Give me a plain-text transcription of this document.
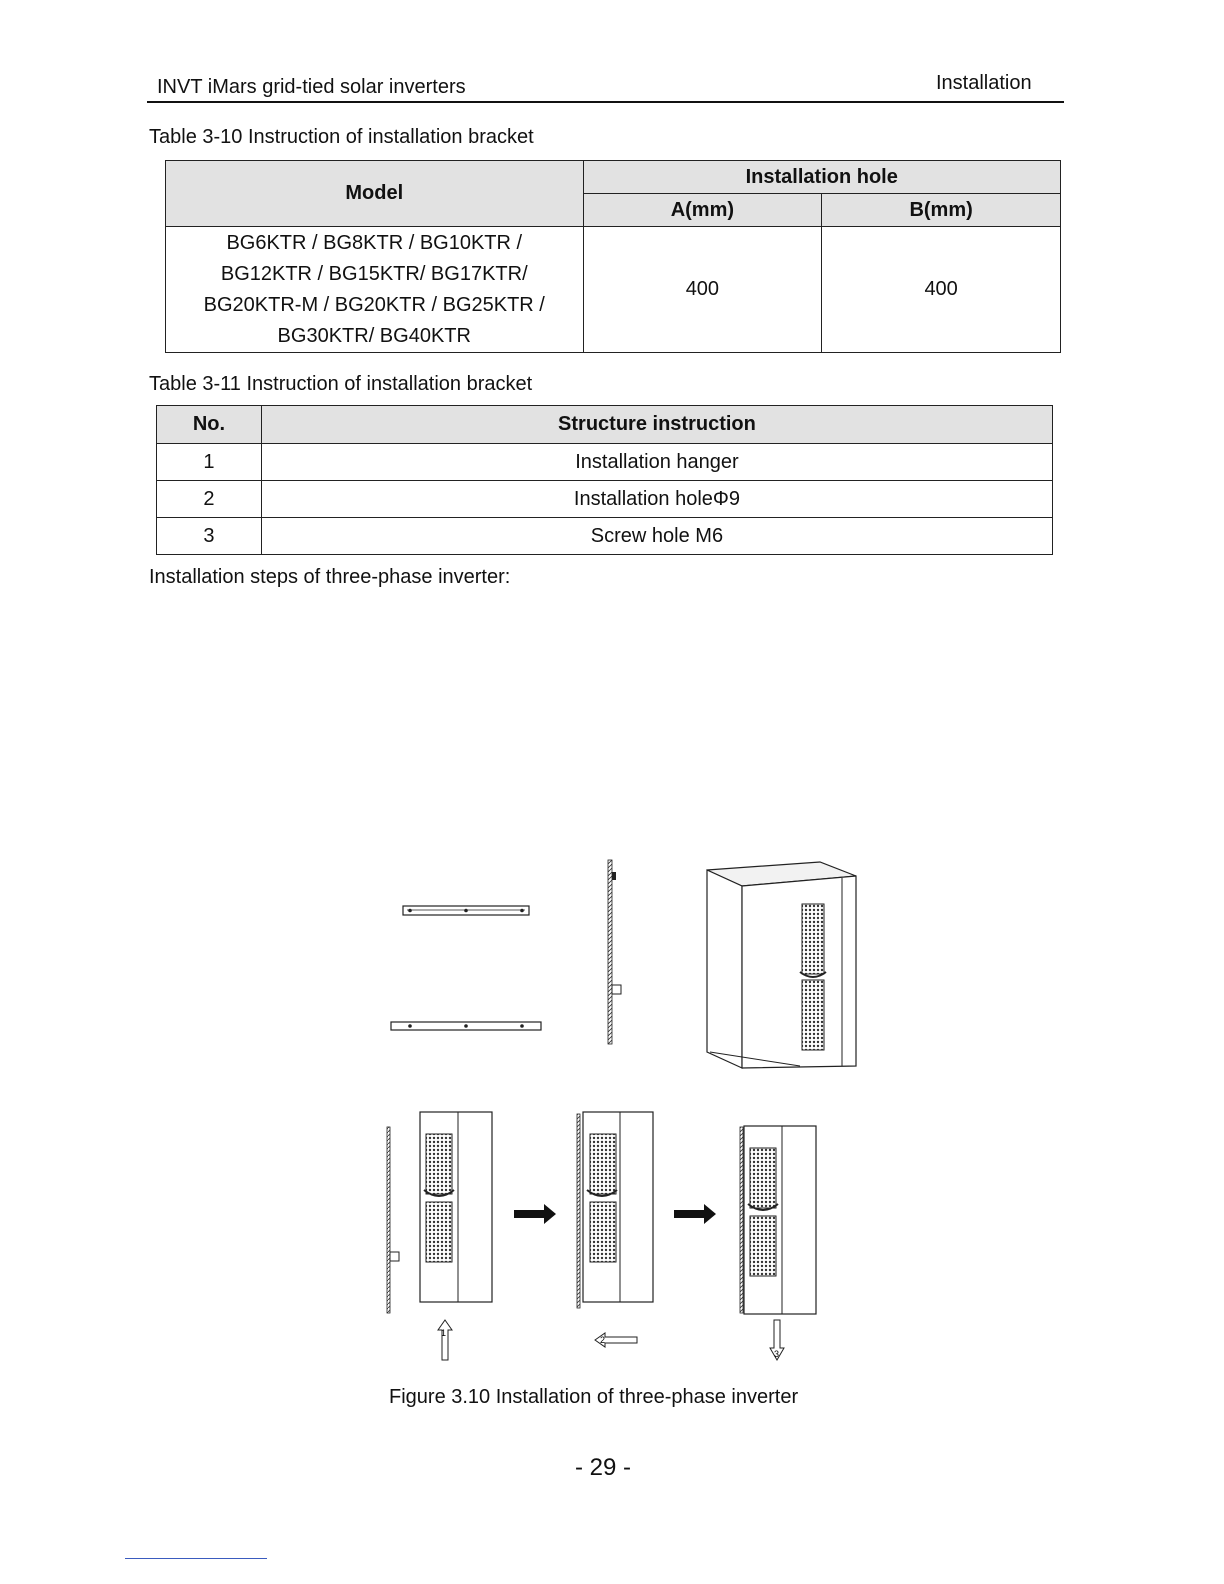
INVT iMars grid-tied solar inverters	Installation
Table 3-10 Instruction of installation bracket
Model	Installation hole	
	A(mm)	B(mm)

BG6KTR / BG8KTR / BG10KTR /
BG12KTR / BG15KTR/ BG17KTR/
BG20KTR-M / BG20KTR / BG25KTR /
BG30KTR/ BG40KTR	400	400
Table 3-11 Instruction of installation bracket
No.	Structure instruction
1	Installation hanger
2	Installation holeΦ9
3	Screw hole M6
Installation steps of three-phase inverter:
1
2
3
Figure 3.10 Installation of three-phase inverter
- 29 -
